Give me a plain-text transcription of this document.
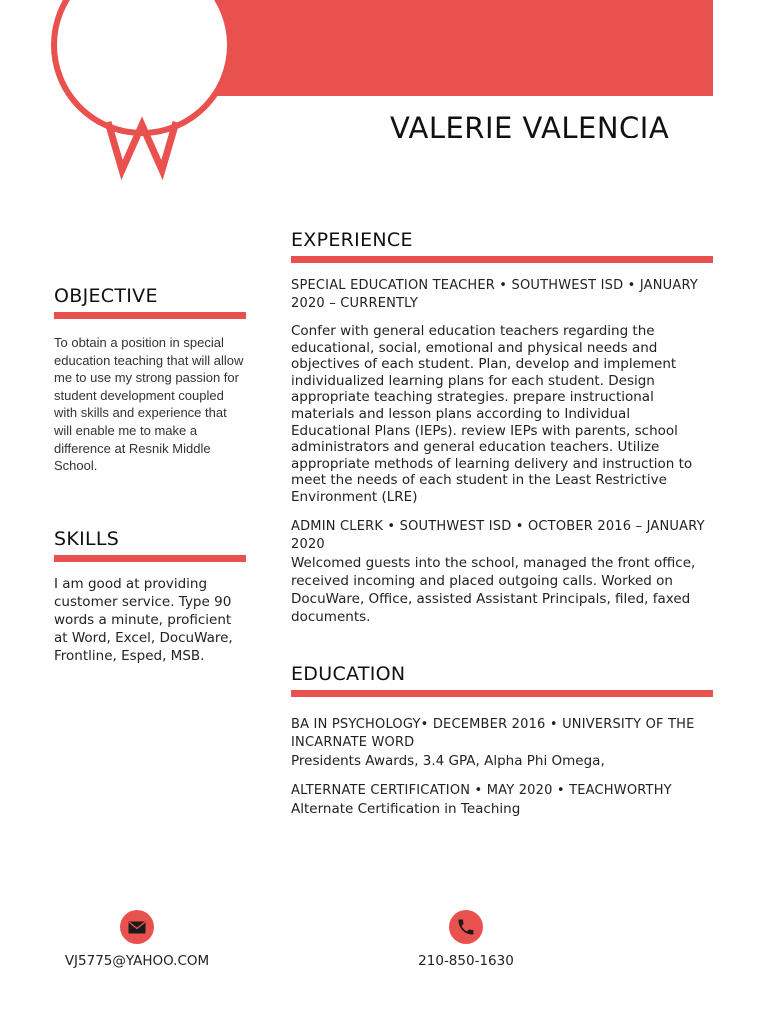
VALERIE VALENCIA
OBJECTIVE
To obtain a position in special education teaching that will allow me to use my strong passion for student development coupled with skills and experience that will enable me to make a difference at Resnik Middle School.
SKILLS
I am good at providing customer service. Type 90 words a minute, proficient at Word, Excel, DocuWare, Frontline, Esped, MSB.
EXPERIENCE
SPECIAL EDUCATION TEACHER • SOUTHWEST ISD • JANUARY 2020 – CURRENTLY
Confer with general education teachers regarding the educational, social, emotional and physical needs and objectives of each student. Plan, develop and implement individualized learning plans for each student. Design appropriate teaching strategies. prepare instructional materials and lesson plans according to Individual Educational Plans (IEPs). review IEPs with parents, school administrators and general education teachers. Utilize appropriate methods of learning delivery and instruction to meet the needs of each student in the Least Restrictive Environment (LRE)
ADMIN CLERK • SOUTHWEST ISD • OCTOBER 2016 – JANUARY 2020
Welcomed guests into the school, managed the front office, received incoming and placed outgoing calls. Worked on DocuWare, Office, assisted Assistant Principals, filed, faxed documents.
EDUCATION
BA IN PSYCHOLOGY• DECEMBER 2016 • UNIVERSITY OF THE INCARNATE WORD
Presidents Awards, 3.4 GPA, Alpha Phi Omega,
ALTERNATE CERTIFICATION • MAY 2020 • TEACHWORTHY
Alternate Certification in Teaching
VJ5775@YAHOO.COM	210-850-1630
